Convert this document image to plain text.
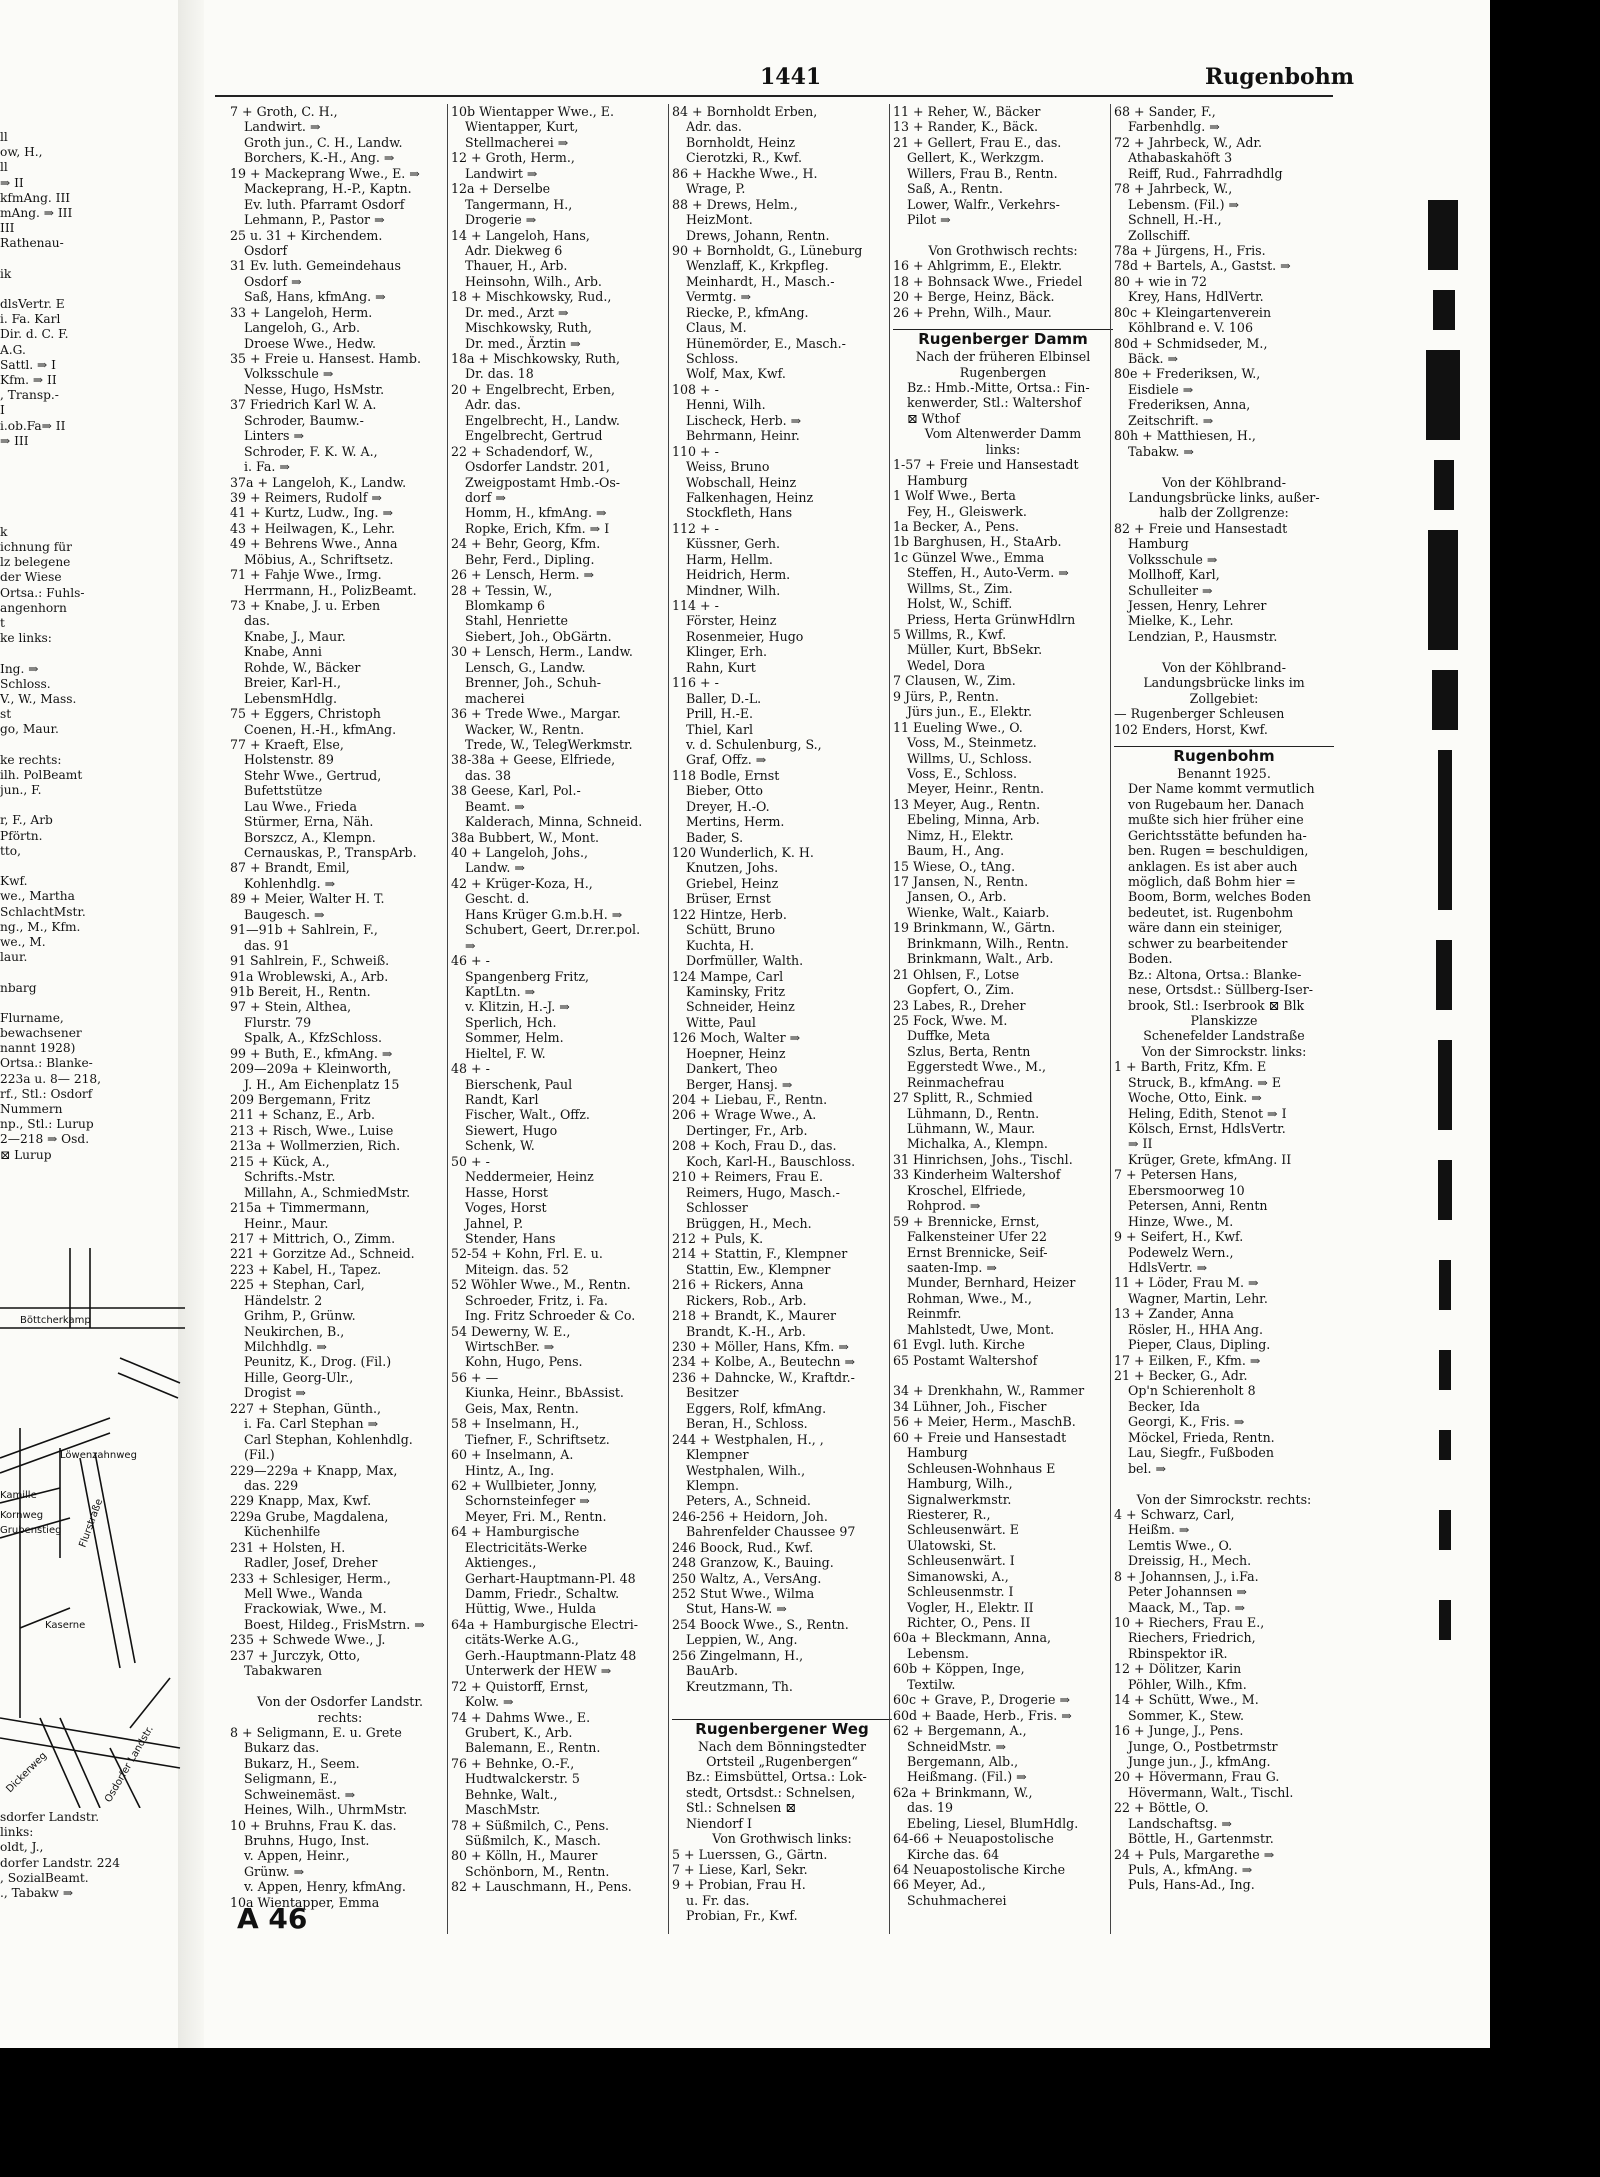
ll
ow, H.,
ll
⇒ II
kfmAng. III
mAng. ⇒ III
III
Rathenau-
ik
dlsVertr. E
i. Fa. Karl
Dir. d. C. F.
A.G.
Sattl. ⇒ I
Kfm. ⇒ II
, Transp.-
I
i.ob.Fa⇒ II
⇒ III
k
ichnung für
lz belegene
der Wiese
Ortsa.: Fuhls-
angenhorn
t
ke links:
Ing. ⇒
Schloss.
V., W., Mass.
st
go, Maur.
ke rechts:
ilh. PolBeamt
jun., F.
r, F., Arb
Pförtn.
tto,
Kwf.
we., Martha
SchlachtMstr.
ng., M., Kfm.
we., M.
laur.
nbarg
Flurname,
bewachsener
nannt 1928)
Ortsa.: Blanke-
223a u. 8— 218,
rf., Stl.: Osdorf
Nummern
np., Stl.: Lurup
2—218 ⇒ Osd.
⊠ Lurup
Böttcherkamp
Flurstraße
Löwenzahnweg
Kamille
Kornweg
Grubenstieg
Kaserne
Dickerweg	Osdorfer Landstr.
sdorfer Landstr.
links:
oldt, J.,
dorfer Landstr. 224
, SozialBeamt.
., Tabakw ⇒
1441	Rugenbohm
7 + Groth, C. H.,
Landwirt. ⇒
Groth jun., C. H., Landw.
Borchers, K.-H., Ang. ⇒
19 + Mackeprang Wwe., E. ⇒
Mackeprang, H.-P., Kaptn.
Ev. luth. Pfarramt Osdorf
Lehmann, P., Pastor ⇒
25 u. 31 + Kirchendem.
Osdorf
31 Ev. luth. Gemeindehaus
Osdorf ⇒
Saß, Hans, kfmAng. ⇒
33 + Langeloh, Herm.
Langeloh, G., Arb.
Droese Wwe., Hedw.
35 + Freie u. Hansest. Hamb.
Volksschule ⇒
Nesse, Hugo, HsMstr.
37 Friedrich Karl W. A.
Schroder, Baumw.-
Linters ⇒
Schroder, F. K. W. A.,
i. Fa. ⇒
37a + Langeloh, K., Landw.
39 + Reimers, Rudolf ⇒
41 + Kurtz, Ludw., Ing. ⇒
43 + Heilwagen, K., Lehr.
49 + Behrens Wwe., Anna
Möbius, A., Schriftsetz.
71 + Fahje Wwe., Irmg.
Herrmann, H., PolizBeamt.
73 + Knabe, J. u. Erben
das.
Knabe, J., Maur.
Knabe, Anni
Rohde, W., Bäcker
Breier, Karl-H.,
LebensmHdlg.
75 + Eggers, Christoph
Coenen, H.-H., kfmAng.
77 + Kraeft, Else,
Holstenstr. 89
Stehr Wwe., Gertrud,
Bufettstütze
Lau Wwe., Frieda
Stürmer, Erna, Näh.
Borszcz, A., Klempn.
Cernauskas, P., TranspArb.
87 + Brandt, Emil,
Kohlenhdlg. ⇒
89 + Meier, Walter H. T.
Baugesch. ⇒
91—91b + Sahlrein, F.,
das. 91
91 Sahlrein, F., Schweiß.
91a Wroblewski, A., Arb.
91b Bereit, H., Rentn.
97 + Stein, Althea,
Flurstr. 79
Spalk, A., KfzSchloss.
99 + Buth, E., kfmAng. ⇒
209—209a + Kleinworth,
J. H., Am Eichenplatz 15
209 Bergemann, Fritz
211 + Schanz, E., Arb.
213 + Risch, Wwe., Luise
213a + Wollmerzien, Rich.
215 + Kück, A.,
Schrifts.-Mstr.
Millahn, A., SchmiedMstr.
215a + Timmermann,
Heinr., Maur.
217 + Mittrich, O., Zimm.
221 + Gorzitze Ad., Schneid.
223 + Kabel, H., Tapez.
225 + Stephan, Carl,
Händelstr. 2
Grihm, P., Grünw.
Neukirchen, B.,
Milchhdlg. ⇒
Peunitz, K., Drog. (Fil.)
Hille, Georg-Ulr.,
Drogist ⇒
227 + Stephan, Günth.,
i. Fa. Carl Stephan ⇒
Carl Stephan, Kohlenhdlg.
(Fil.)
229—229a + Knapp, Max,
das. 229
229 Knapp, Max, Kwf.
229a Grube, Magdalena,
Küchenhilfe
231 + Holsten, H.
Radler, Josef, Dreher
233 + Schlesiger, Herm.,
Mell Wwe., Wanda
Frackowiak, Wwe., M.
Boest, Hildeg., FrisMstrn. ⇒
235 + Schwede Wwe., J.
237 + Jurczyk, Otto,
Tabakwaren
Von der Osdorfer Landstr.
rechts:
8 + Seligmann, E. u. Grete
Bukarz das.
Bukarz, H., Seem.
Seligmann, E.,
Schweinemäst. ⇒
Heines, Wilh., UhrmMstr.
10 + Bruhns, Frau K. das.
Bruhns, Hugo, Inst.
v. Appen, Heinr.,
Grünw. ⇒
v. Appen, Henry, kfmAng.
10a Wientapper, Emma
10b Wientapper Wwe., E.
Wientapper, Kurt,
Stellmacherei ⇒
12 + Groth, Herm.,
Landwirt ⇒
12a + Derselbe
Tangermann, H.,
Drogerie ⇒
14 + Langeloh, Hans,
Adr. Diekweg 6
Thauer, H., Arb.
Heinsohn, Wilh., Arb.
18 + Mischkowsky, Rud.,
Dr. med., Arzt ⇒
Mischkowsky, Ruth,
Dr. med., Ärztin ⇒
18a + Mischkowsky, Ruth,
Dr. das. 18
20 + Engelbrecht, Erben,
Adr. das.
Engelbrecht, H., Landw.
Engelbrecht, Gertrud
22 + Schadendorf, W.,
Osdorfer Landstr. 201,
Zweigpostamt Hmb.-Os-
dorf ⇒
Homm, H., kfmAng. ⇒
Ropke, Erich, Kfm. ⇒ I
24 + Behr, Georg, Kfm.
Behr, Ferd., Dipling.
26 + Lensch, Herm. ⇒
28 + Tessin, W.,
Blomkamp 6
Stahl, Henriette
Siebert, Joh., ObGärtn.
30 + Lensch, Herm., Landw.
Lensch, G., Landw.
Brenner, Joh., Schuh-
macherei
36 + Trede Wwe., Margar.
Wacker, W., Rentn.
Trede, W., TelegWerkmstr.
38-38a + Geese, Elfriede,
das. 38
38 Geese, Karl, Pol.-
Beamt. ⇒
Kalderach, Minna, Schneid.
38a Bubbert, W., Mont.
40 + Langeloh, Johs.,
Landw. ⇒
42 + Krüger-Koza, H.,
Gescht. d.
Hans Krüger G.m.b.H. ⇒
Schubert, Geert, Dr.rer.pol.
⇒
46 + -
Spangenberg Fritz,
KaptLtn. ⇒
v. Klitzin, H.-J. ⇒
Sperlich, Hch.
Sommer, Helm.
Hieltel, F. W.
48 + -
Bierschenk, Paul
Randt, Karl
Fischer, Walt., Offz.
Siewert, Hugo
Schenk, W.
50 + -
Neddermeier, Heinz
Hasse, Horst
Voges, Horst
Jahnel, P.
Stender, Hans
52-54 + Kohn, Frl. E. u.
Miteign. das. 52
52 Wöhler Wwe., M., Rentn.
Schroeder, Fritz, i. Fa.
Ing. Fritz Schroeder & Co.
54 Dewerny, W. E.,
WirtschBer. ⇒
Kohn, Hugo, Pens.
56 + —
Kiunka, Heinr., BbAssist.
Geis, Max, Rentn.
58 + Inselmann, H.,
Tiefner, F., Schriftsetz.
60 + Inselmann, A.
Hintz, A., Ing.
62 + Wullbieter, Jonny,
Schornsteinfeger ⇒
Meyer, Fri. M., Rentn.
64 + Hamburgische
Electricitäts-Werke
Aktienges.,
Gerhart-Hauptmann-Pl. 48
Damm, Friedr., Schaltw.
Hüttig, Wwe., Hulda
64a + Hamburgische Electri-
citäts-Werke A.G.,
Gerh.-Hauptmann-Platz 48
Unterwerk der HEW ⇒
72 + Quistorff, Ernst,
Kolw. ⇒
74 + Dahms Wwe., E.
Grubert, K., Arb.
Balemann, E., Rentn.
76 + Behnke, O.-F.,
Hudtwalckerstr. 5
Behnke, Walt.,
MaschMstr.
78 + Süßmilch, C., Pens.
Süßmilch, K., Masch.
80 + Kölln, H., Maurer
Schönborn, M., Rentn.
82 + Lauschmann, H., Pens.
84 + Bornholdt Erben,
Adr. das.
Bornholdt, Heinz
Cierotzki, R., Kwf.
86 + Hackhe Wwe., H.
Wrage, P.
88 + Drews, Helm.,
HeizMont.
Drews, Johann, Rentn.
90 + Bornholdt, G., Lüneburg
Wenzlaff, K., Krkpfleg.
Meinhardt, H., Masch.-
Vermtg. ⇒
Riecke, P., kfmAng.
Claus, M.
Hünemörder, E., Masch.-
Schloss.
Wolf, Max, Kwf.
108 + -
Henni, Wilh.
Lischeck, Herb. ⇒
Behrmann, Heinr.
110 + -
Weiss, Bruno
Wobschall, Heinz
Falkenhagen, Heinz
Stockfleth, Hans
112 + -
Küssner, Gerh.
Harm, Hellm.
Heidrich, Herm.
Mindner, Wilh.
114 + -
Förster, Heinz
Rosenmeier, Hugo
Klinger, Erh.
Rahn, Kurt
116 + -
Baller, D.-L.
Prill, H.-E.
Thiel, Karl
v. d. Schulenburg, S.,
Graf, Offz. ⇒
118 Bodle, Ernst
Bieber, Otto
Dreyer, H.-O.
Mertins, Herm.
Bader, S.
120 Wunderlich, K. H.
Knutzen, Johs.
Griebel, Heinz
Brüser, Ernst
122 Hintze, Herb.
Schütt, Bruno
Kuchta, H.
Dorfmüller, Walth.
124 Mampe, Carl
Kaminsky, Fritz
Schneider, Heinz
Witte, Paul
126 Moch, Walter ⇒
Hoepner, Heinz
Dankert, Theo
Berger, Hansj. ⇒
204 + Liebau, F., Rentn.
206 + Wrage Wwe., A.
Dertinger, Fr., Arb.
208 + Koch, Frau D., das.
Koch, Karl-H., Bauschloss.
210 + Reimers, Frau E.
Reimers, Hugo, Masch.-
Schlosser
Brüggen, H., Mech.
212 + Puls, K.
214 + Stattin, F., Klempner
Stattin, Ew., Klempner
216 + Rickers, Anna
Rickers, Rob., Arb.
218 + Brandt, K., Maurer
Brandt, K.-H., Arb.
230 + Möller, Hans, Kfm. ⇒
234 + Kolbe, A., Beutechn ⇒
236 + Dahncke, W., Kraftdr.-
Besitzer
Eggers, Rolf, kfmAng.
Beran, H., Schloss.
244 + Westphalen, H., ,
Klempner
Westphalen, Wilh.,
Klempn.
Peters, A., Schneid.
246-256 + Heidorn, Joh.
Bahrenfelder Chaussee 97
246 Boock, Rud., Kwf.
248 Granzow, K., Bauing.
250 Waltz, A., VersAng.
252 Stut Wwe., Wilma
Stut, Hans-W. ⇒
254 Boock Wwe., S., Rentn.
Leppien, W., Ang.
256 Zingelmann, H.,
BauArb.
Kreutzmann, Th.
Rugenbergener Weg
Nach dem Bönningstedter
Ortsteil „Rugenbergen“
Bz.: Eimsbüttel, Ortsa.: Lok-
stedt, Ortsdst.: Schnelsen,
Stl.: Schnelsen ⊠
Niendorf I
Von Grothwisch links:
5 + Luerssen, G., Gärtn.
7 + Liese, Karl, Sekr.
9 + Probian, Frau H.
u. Fr. das.
Probian, Fr., Kwf.
11 + Reher, W., Bäcker
13 + Rander, K., Bäck.
21 + Gellert, Frau E., das.
Gellert, K., Werkzgm.
Willers, Frau B., Rentn.
Saß, A., Rentn.
Lower, Walfr., Verkehrs-
Pilot ⇒
Von Grothwisch rechts:
16 + Ahlgrimm, E., Elektr.
18 + Bohnsack Wwe., Friedel
20 + Berge, Heinz, Bäck.
26 + Prehn, Wilh., Maur.
Rugenberger Damm
Nach der früheren Elbinsel
Rugenbergen
Bz.: Hmb.-Mitte, Ortsa.: Fin-
kenwerder, Stl.: Waltershof
⊠ Wthof
Vom Altenwerder Damm
links:
1-57 + Freie und Hansestadt
Hamburg
1 Wolf Wwe., Berta
Fey, H., Gleiswerk.
1a Becker, A., Pens.
1b Barghusen, H., StaArb.
1c Günzel Wwe., Emma
Steffen, H., Auto-Verm. ⇒
Willms, St., Zim.
Holst, W., Schiff.
Priess, Herta GrünwHdlrn
5 Willms, R., Kwf.
Müller, Kurt, BbSekr.
Wedel, Dora
7 Clausen, W., Zim.
9 Jürs, P., Rentn.
Jürs jun., E., Elektr.
11 Eueling Wwe., O.
Voss, M., Steinmetz.
Willms, U., Schloss.
Voss, E., Schloss.
Meyer, Heinr., Rentn.
13 Meyer, Aug., Rentn.
Ebeling, Minna, Arb.
Nimz, H., Elektr.
Baum, H., Ang.
15 Wiese, O., tAng.
17 Jansen, N., Rentn.
Jansen, O., Arb.
Wienke, Walt., Kaiarb.
19 Brinkmann, W., Gärtn.
Brinkmann, Wilh., Rentn.
Brinkmann, Walt., Arb.
21 Ohlsen, F., Lotse
Gopfert, O., Zim.
23 Labes, R., Dreher
25 Fock, Wwe. M.
Duffke, Meta
Szlus, Berta, Rentn
Eggerstedt Wwe., M.,
Reinmachefrau
27 Splitt, R., Schmied
Lühmann, D., Rentn.
Lühmann, W., Maur.
Michalka, A., Klempn.
31 Hinrichsen, Johs., Tischl.
33 Kinderheim Waltershof
Kroschel, Elfriede,
Rohprod. ⇒
59 + Brennicke, Ernst,
Falkensteiner Ufer 22
Ernst Brennicke, Seif-
saaten-Imp. ⇒
Munder, Bernhard, Heizer
Rohman, Wwe., M.,
Reinmfr.
Mahlstedt, Uwe, Mont.
61 Evgl. luth. Kirche
65 Postamt Waltershof
34 + Drenkhahn, W., Rammer
34 Lühner, Joh., Fischer
56 + Meier, Herm., MaschB.
60 + Freie und Hansestadt
Hamburg
Schleusen-Wohnhaus E
Hamburg, Wilh.,
Signalwerkmstr.
Riesterer, R.,
Schleusenwärt. E
Ulatowski, St.
Schleusenwärt. I
Simanowski, A.,
Schleusenmstr. I
Vogler, H., Elektr. II
Richter, O., Pens. II
60a + Bleckmann, Anna,
Lebensm.
60b + Köppen, Inge,
Textilw.
60c + Grave, P., Drogerie ⇒
60d + Baade, Herb., Fris. ⇒
62 + Bergemann, A.,
SchneidMstr. ⇒
Bergemann, Alb.,
Heißmang. (Fil.) ⇒
62a + Brinkmann, W.,
das. 19
Ebeling, Liesel, BlumHdlg.
64-66 + Neuapostolische
Kirche das. 64
64 Neuapostolische Kirche
66 Meyer, Ad.,
Schuhmacherei
68 + Sander, F.,
Farbenhdlg. ⇒
72 + Jahrbeck, W., Adr.
Athabaskahöft 3
Reiff, Rud., Fahrradhdlg
78 + Jahrbeck, W.,
Lebensm. (Fil.) ⇒
Schnell, H.-H.,
Zollschiff.
78a + Jürgens, H., Fris.
78d + Bartels, A., Gastst. ⇒
80 + wie in 72
Krey, Hans, HdlVertr.
80c + Kleingartenverein
Köhlbrand e. V. 106
80d + Schmidseder, M.,
Bäck. ⇒
80e + Frederiksen, W.,
Eisdiele ⇒
Frederiksen, Anna,
Zeitschrift. ⇒
80h + Matthiesen, H.,
Tabakw. ⇒
Von der Köhlbrand-
Landungsbrücke links, außer-
halb der Zollgrenze:
82 + Freie und Hansestadt
Hamburg
Volksschule ⇒
Mollhoff, Karl,
Schulleiter ⇒
Jessen, Henry, Lehrer
Mielke, K., Lehr.
Lendzian, P., Hausmstr.
Von der Köhlbrand-
Landungsbrücke links im
Zollgebiet:
— Rugenberger Schleusen
102 Enders, Horst, Kwf.
Rugenbohm
Benannt 1925.
Der Name kommt vermutlich
von Rugebaum her. Danach
mußte sich hier früher eine
Gerichtsstätte befunden ha-
ben. Rugen = beschuldigen,
anklagen. Es ist aber auch
möglich, daß Bohm hier =
Boom, Borm, welches Boden
bedeutet, ist. Rugenbohm
wäre dann ein steiniger,
schwer zu bearbeitender
Boden.
Bz.: Altona, Ortsa.: Blanke-
nese, Ortsdst.: Süllberg-Iser-
brook, Stl.: Iserbrook ⊠ Blk
Planskizze
Schenefelder Landstraße
Von der Simrockstr. links:
1 + Barth, Fritz, Kfm. E
Struck, B., kfmAng. ⇒ E
Woche, Otto, Eink. ⇒
Heling, Edith, Stenot ⇒ I
Kölsch, Ernst, HdlsVertr.
⇒ II
Krüger, Grete, kfmAng. II
7 + Petersen Hans,
Ebersmoorweg 10
Petersen, Anni, Rentn
Hinze, Wwe., M.
9 + Seifert, H., Kwf.
Podewelz Wern.,
HdlsVertr. ⇒
11 + Löder, Frau M. ⇒
Wagner, Martin, Lehr.
13 + Zander, Anna
Rösler, H., HHA Ang.
Pieper, Claus, Dipling.
17 + Eilken, F., Kfm. ⇒
21 + Becker, G., Adr.
Op'n Schierenholt 8
Becker, Ida
Georgi, K., Fris. ⇒
Möckel, Frieda, Rentn.
Lau, Siegfr., Fußboden
bel. ⇒
Von der Simrockstr. rechts:
4 + Schwarz, Carl,
Heißm. ⇒
Lemtis Wwe., O.
Dreissig, H., Mech.
8 + Johannsen, J., i.Fa.
Peter Johannsen ⇒
Maack, M., Tap. ⇒
10 + Riechers, Frau E.,
Riechers, Friedrich,
Rbinspektor iR.
12 + Dölitzer, Karin
Pöhler, Wilh., Kfm.
14 + Schütt, Wwe., M.
Sommer, K., Stew.
16 + Junge, J., Pens.
Junge, O., Postbetrmstr
Junge jun., J., kfmAng.
20 + Hövermann, Frau G.
Hövermann, Walt., Tischl.
22 + Böttle, O.
Landschaftsg. ⇒
Böttle, H., Gartenmstr.
24 + Puls, Margarethe ⇒
Puls, A., kfmAng. ⇒
Puls, Hans-Ad., Ing.
A 46
